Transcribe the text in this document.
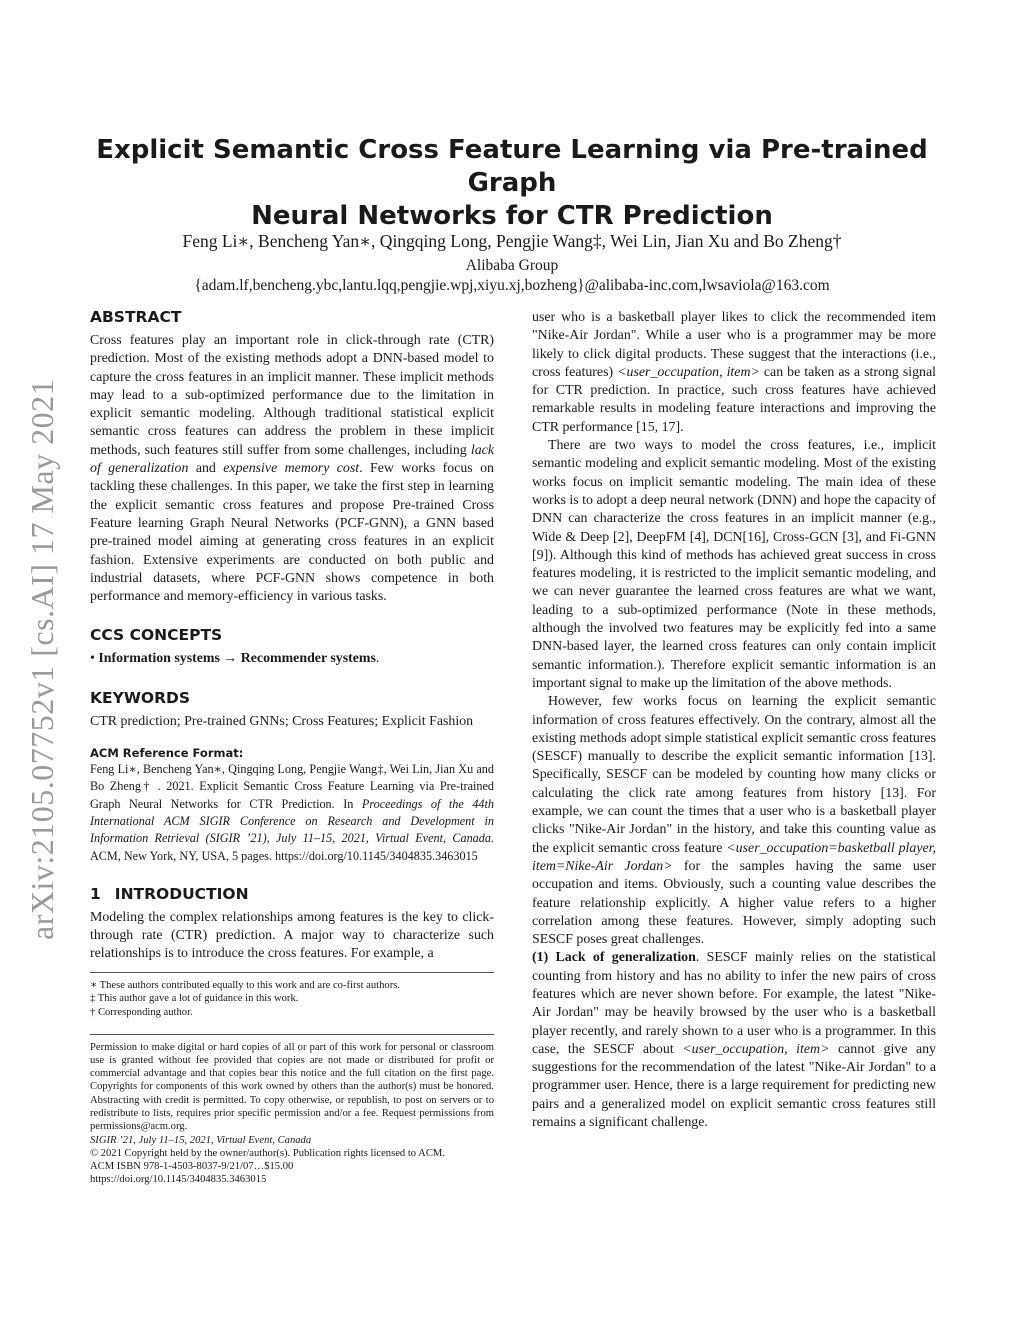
arXiv:2105.07752v1 [cs.AI] 17 May 2021
Explicit Semantic Cross Feature Learning via Pre-trained Graph
Neural Networks for CTR Prediction
Feng Li∗, Bencheng Yan∗, Qingqing Long, Pengjie Wang‡, Wei Lin, Jian Xu and Bo Zheng†
Alibaba Group
{adam.lf,bencheng.ybc,lantu.lqq,pengjie.wpj,xiyu.xj,bozheng}@alibaba-inc.com,lwsaviola@163.com
ABSTRACT

Cross features play an important role in click-through rate (CTR) prediction. Most of the existing methods adopt a DNN-based model to capture the cross features in an implicit manner. These implicit methods may lead to a sub-optimized performance due to the limitation in explicit semantic modeling. Although traditional statistical explicit semantic cross features can address the problem in these implicit methods, such features still suffer from some challenges, including lack of generalization and expensive memory cost. Few works focus on tackling these challenges. In this paper, we take the first step in learning the explicit semantic cross features and propose Pre-trained Cross Feature learning Graph Neural Networks (PCF-GNN), a GNN based pre-trained model aiming at generating cross features in an explicit fashion. Extensive experiments are conducted on both public and industrial datasets, where PCF-GNN shows competence in both performance and memory-efficiency in various tasks.

CCS CONCEPTS

• Information systems → Recommender systems.

KEYWORDS

CTR prediction; Pre-trained GNNs; Cross Features; Explicit Fashion

ACM Reference Format:

Feng Li∗, Bencheng Yan∗, Qingqing Long, Pengjie Wang‡, Wei Lin, Jian Xu and Bo Zheng† . 2021. Explicit Semantic Cross Feature Learning via Pre-trained Graph Neural Networks for CTR Prediction. In Proceedings of the 44th International ACM SIGIR Conference on Research and Development in Information Retrieval (SIGIR ’21), July 11–15, 2021, Virtual Event, Canada. ACM, New York, NY, USA, 5 pages. https://doi.org/10.1145/3404835.3463015

1 INTRODUCTION

Modeling the complex relationships among features is the key to click-through rate (CTR) prediction. A major way to characterize such relationships is to introduce the cross features. For example, a

∗ These authors contributed equally to this work and are co-first authors.

‡ This author gave a lot of guidance in this work.

† Corresponding author.

Permission to make digital or hard copies of all or part of this work for personal or classroom use is granted without fee provided that copies are not made or distributed for profit or commercial advantage and that copies bear this notice and the full citation on the first page. Copyrights for components of this work owned by others than the author(s) must be honored. Abstracting with credit is permitted. To copy otherwise, or republish, to post on servers or to redistribute to lists, requires prior specific permission and/or a fee. Request permissions from permissions@acm.org.

SIGIR ’21, July 11–15, 2021, Virtual Event, Canada

© 2021 Copyright held by the owner/author(s). Publication rights licensed to ACM.

ACM ISBN 978-1-4503-8037-9/21/07…$15.00

https://doi.org/10.1145/3404835.3463015

user who is a basketball player likes to click the recommended item "Nike-Air Jordan". While a user who is a programmer may be more likely to click digital products. These suggest that the interactions (i.e., cross features) <user_occupation, item> can be taken as a strong signal for CTR prediction. In practice, such cross features have achieved remarkable results in modeling feature interactions and improving the CTR performance [15, 17].

There are two ways to model the cross features, i.e., implicit semantic modeling and explicit semantic modeling. Most of the existing works focus on implicit semantic modeling. The main idea of these works is to adopt a deep neural network (DNN) and hope the capacity of DNN can characterize the cross features in an implicit manner (e.g., Wide & Deep [2], DeepFM [4], DCN[16], Cross-GCN [3], and Fi-GNN [9]). Although this kind of methods has achieved great success in cross features modeling, it is restricted to the implicit semantic modeling, and we can never guarantee the learned cross features are what we want, leading to a sub-optimized performance (Note in these methods, although the involved two features may be explicitly fed into a same DNN-based layer, the learned cross features can only contain implicit semantic information.). Therefore explicit semantic information is an important signal to make up the limitation of the above methods.

However, few works focus on learning the explicit semantic information of cross features effectively. On the contrary, almost all the existing methods adopt simple statistical explicit semantic cross features (SESCF) manually to describe the explicit semantic information [13]. Specifically, SESCF can be modeled by counting how many clicks or calculating the click rate among features from history [13]. For example, we can count the times that a user who is a basketball player clicks "Nike-Air Jordan" in the history, and take this counting value as the explicit semantic cross feature <user_occupation=basketball player, item=Nike-Air Jordan> for the samples having the same user occupation and items. Obviously, such a counting value describes the feature relationship explicitly. A higher value refers to a higher correlation among these features. However, simply adopting such SESCF poses great challenges.

(1) Lack of generalization. SESCF mainly relies on the statistical counting from history and has no ability to infer the new pairs of cross features which are never shown before. For example, the latest "Nike-Air Jordan" may be heavily browsed by the user who is a basketball player recently, and rarely shown to a user who is a programmer. In this case, the SESCF about <user_occupation, item> cannot give any suggestions for the recommendation of the latest "Nike-Air Jordan" to a programmer user. Hence, there is a large requirement for predicting new pairs and a generalized model on explicit semantic cross features still remains a significant challenge.
